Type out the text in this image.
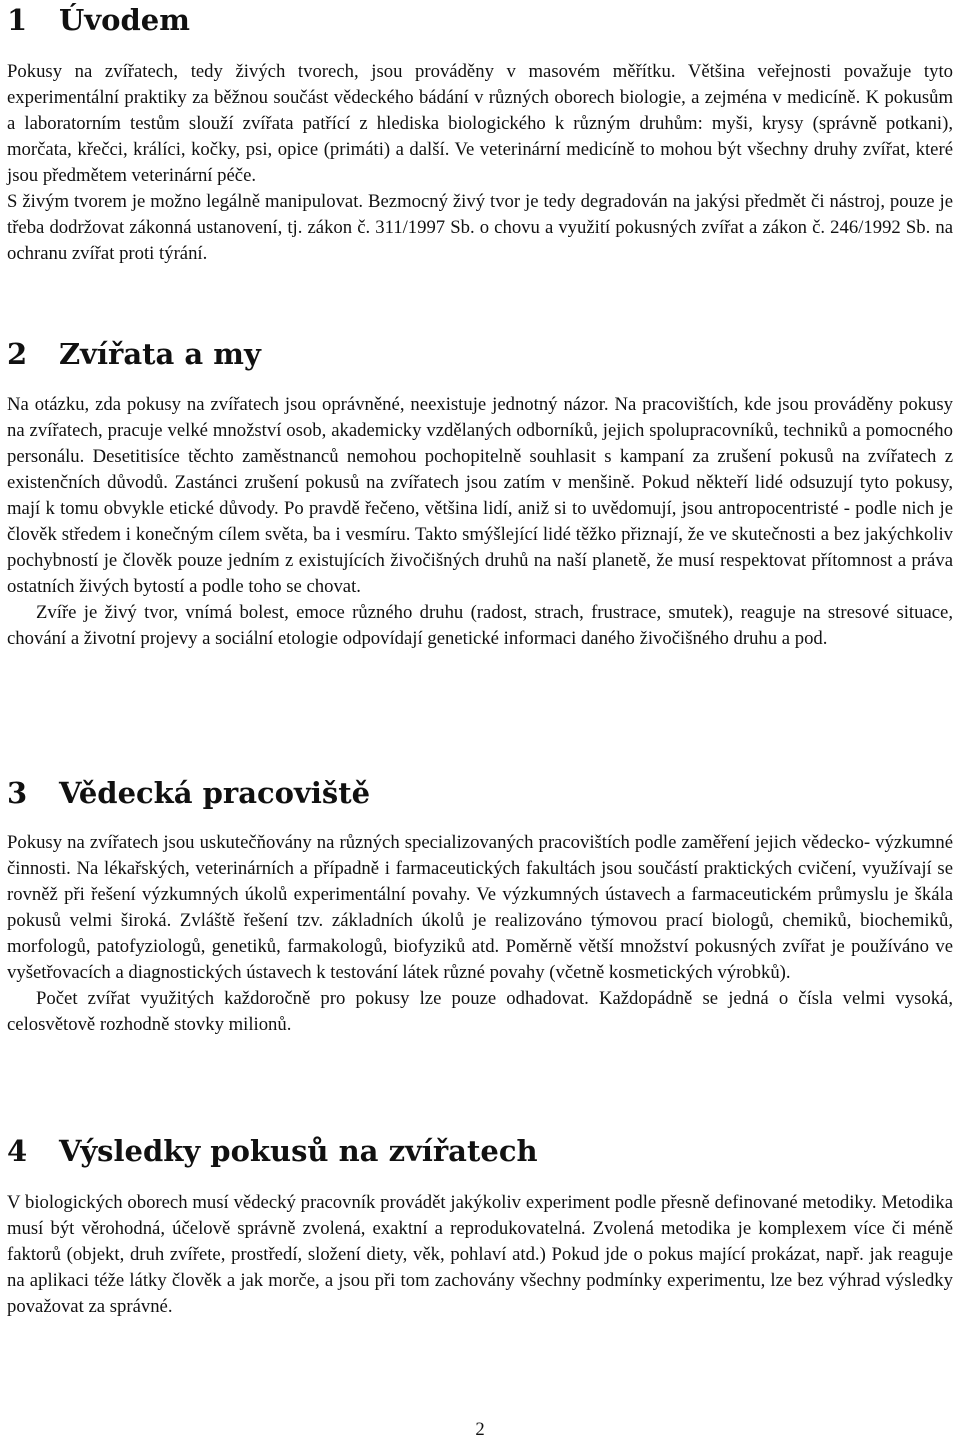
1 Úvodem

Pokusy na zvířatech, tedy živých tvorech, jsou prováděny v masovém měřítku. Většina veřejnosti považuje tyto experimentální praktiky za běžnou součást vědeckého bádání v různých oborech biologie, a zejména v medicíně. K pokusům a laboratorním testům slouží zvířata patřící z hlediska biologického k různým druhům: myši, krysy (správně potkani), morčata, křečci, králíci, kočky, psi, opice (primáti) a další. Ve veterinární medicíně to mohou být všechny druhy zvířat, které jsou předmětem veterinární péče.

S živým tvorem je možno legálně manipulovat. Bezmocný živý tvor je tedy degradován na jakýsi předmět či nástroj, pouze je třeba dodržovat zákonná ustanovení, tj. zákon č. 311/1997 Sb. o chovu a využití pokusných zvířat a zákon č. 246/1992 Sb. na ochranu zvířat proti týrání.

2 Zvířata a my

Na otázku, zda pokusy na zvířatech jsou oprávněné, neexistuje jednotný názor. Na pracovištích, kde jsou prováděny pokusy na zvířatech, pracuje velké množství osob, akademicky vzdělaných odborníků, jejich spolupracovníků, techniků a pomocného personálu. Desetitisíce těchto zaměstnanců nemohou pochopitelně souhlasit s kampaní za zrušení pokusů na zvířatech z existenčních důvodů. Zastánci zrušení pokusů na zvířatech jsou zatím v menšině. Pokud někteří lidé odsuzují tyto pokusy, mají k tomu obvykle etické důvody. Po pravdě řečeno, většina lidí, aniž si to uvědomují, jsou antropocentristé - podle nich je člověk středem i konečným cílem světa, ba i vesmíru. Takto smýšlející lidé těžko přiznají, že ve skutečnosti a bez jakýchkoliv pochybností je člověk pouze jedním z existujících živočišných druhů na naší planetě, že musí respektovat přítomnost a práva ostatních živých bytostí a podle toho se chovat.

Zvíře je živý tvor, vnímá bolest, emoce různého druhu (radost, strach, frustrace, smutek), reaguje na stresové situace, chování a životní projevy a sociální etologie odpovídají genetické informaci daného živočišného druhu a pod.

3 Vědecká pracoviště

Pokusy na zvířatech jsou uskutečňovány na různých specializovaných pracovištích podle zaměření jejich vědecko- výzkumné činnosti. Na lékařských, veterinárních a případně i farmaceutických fakultách jsou součástí praktických cvičení, využívají se rovněž při řešení výzkumných úkolů experimentální povahy. Ve výzkumných ústavech a farmaceutickém průmyslu je škála pokusů velmi široká. Zvláště řešení tzv. základních úkolů je realizováno týmovou prací biologů, chemiků, biochemiků, morfologů, patofyziologů, genetiků, farmakologů, biofyziků atd. Poměrně větší množství pokusných zvířat je používáno ve vyšetřovacích a diagnostických ústavech k testování látek různé povahy (včetně kosmetických výrobků).

Počet zvířat využitých každoročně pro pokusy lze pouze odhadovat. Každopádně se jedná o čísla velmi vysoká, celosvětově rozhodně stovky milionů.

4 Výsledky pokusů na zvířatech

V biologických oborech musí vědecký pracovník provádět jakýkoliv experiment podle přesně definované metodiky. Metodika musí být věrohodná, účelově správně zvolená, exaktní a reprodukovatelná. Zvolená metodika je komplexem více či méně faktorů (objekt, druh zvířete, prostředí, složení diety, věk, pohlaví atd.) Pokud jde o pokus mající prokázat, např. jak reaguje na aplikaci téže látky člověk a jak morče, a jsou při tom zachovány všechny podmínky experimentu, lze bez výhrad výsledky považovat za správné.

2
